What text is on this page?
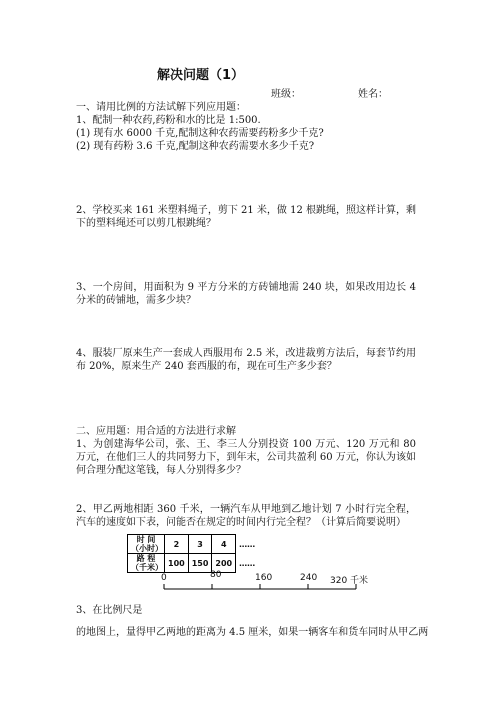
解决问题（1）
班级：	姓名：
一、请用比例的方法试解下列应用题：
1、配制一种农药,药粉和水的比是 1:500.
(1) 现有水 6000 千克,配制这种农药需要药粉多少千克?
(2) 现有药粉 3.6 千克,配制这种农药需要水多少千克?
2、学校买来 161 米塑料绳子，剪下 21 米，做 12 根跳绳，照这样计算，剩下的塑料绳还可以剪几根跳绳？
3、一个房间，用面积为 9 平方分米的方砖铺地需 240 块，如果改用边长 4 分米的砖铺地，需多少块？
4、服装厂原来生产一套成人西服用布 2.5 米，改进裁剪方法后，每套节约用布 20%，原来生产 240 套西服的布，现在可生产多少套？
二、应用题：用合适的方法进行求解
1、为创建海华公司，张、王、李三人分别投资 100 万元、120 万元和 80 万元，在他们三人的共同努力下，到年末，公司共盈利 60 万元，你认为该如何合理分配这笔钱，每人分别得多少？
2、甲乙两地相距 360 千米，一辆汽车从甲地到乙地计划 7 小时行完全程，汽车的速度如下表，问能否在规定的时间内行完全程？（计算后简要说明）
时 间（小时）	2	3	4	……
路 程（千米）	100	150	200	……
0	80	160	240 320 千米
3、在比例尺是
的地图上，量得甲乙两地的距离为 4.5 厘米，如果一辆客车和货车同时从甲乙两
